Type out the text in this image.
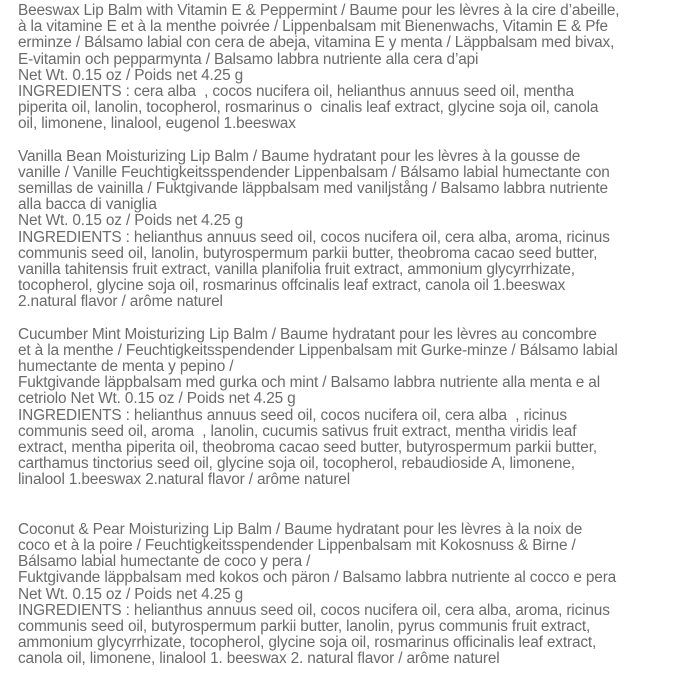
Beeswax Lip Balm with Vitamin E & Peppermint / Baume pour les lèvres à la cire d’abeille,
à la vitamine E et à la menthe poivrée / Lippenbalsam mit Bienenwachs, Vitamin E & Pfe
erminze / Bálsamo labial con cera de abeja, vitamina E y menta / Läppbalsam med bivax,
E-vitamin och pepparmynta / Balsamo labbra nutriente alla cera d’api
Net Wt. 0.15 oz / Poids net 4.25 g
INGREDIENTS : cera alba  , cocos nucifera oil, helianthus annuus seed oil, mentha
piperita oil, lanolin, tocopherol, rosmarinus o  cinalis leaf extract, glycine soja oil, canola
oil, limonene, linalool, eugenol 1.beeswax
Vanilla Bean Moisturizing Lip Balm / Baume hydratant pour les lèvres à la gousse de
vanille / Vanille Feuchtigkeitsspendender Lippenbalsam / Bálsamo labial humectante con
semillas de vainilla / Fuktgivande läppbalsam med vaniljstång / Balsamo labbra nutriente
alla bacca di vaniglia
Net Wt. 0.15 oz / Poids net 4.25 g
INGREDIENTS : helianthus annuus seed oil, cocos nucifera oil, cera alba, aroma, ricinus
communis seed oil, lanolin, butyrospermum parkii butter, theobroma cacao seed butter,
vanilla tahitensis fruit extract, vanilla planifolia fruit extract, ammonium glycyrrhizate,
tocopherol, glycine soja oil, rosmarinus offcinalis leaf extract, canola oil 1.beeswax
2.natural flavor / arôme naturel
Cucumber Mint Moisturizing Lip Balm / Baume hydratant pour les lèvres au concombre
et à la menthe / Feuchtigkeitsspendender Lippenbalsam mit Gurke-minze / Bálsamo labial
humectante de menta y pepino /
Fuktgivande läppbalsam med gurka och mint / Balsamo labbra nutriente alla menta e al
cetriolo Net Wt. 0.15 oz / Poids net 4.25 g
INGREDIENTS : helianthus annuus seed oil, cocos nucifera oil, cera alba  , ricinus
communis seed oil, aroma  , lanolin, cucumis sativus fruit extract, mentha viridis leaf
extract, mentha piperita oil, theobroma cacao seed butter, butyrospermum parkii butter,
carthamus tinctorius seed oil, glycine soja oil, tocopherol, rebaudioside A, limonene,
linalool 1.beeswax 2.natural flavor / arôme naturel
Coconut & Pear Moisturizing Lip Balm / Baume hydratant pour les lèvres à la noix de
coco et à la poire / Feuchtigkeitsspendender Lippenbalsam mit Kokosnuss & Birne /
Bálsamo labial humectante de coco y pera /
Fuktgivande läppbalsam med kokos och päron / Balsamo labbra nutriente al cocco e pera
Net Wt. 0.15 oz / Poids net 4.25 g
INGREDIENTS : helianthus annuus seed oil, cocos nucifera oil, cera alba, aroma, ricinus
communis seed oil, butyrospermum parkii butter, lanolin, pyrus communis fruit extract,
ammonium glycyrrhizate, tocopherol, glycine soja oil, rosmarinus officinalis leaf extract,
canola oil, limonene, linalool 1. beeswax 2. natural flavor / arôme naturel
